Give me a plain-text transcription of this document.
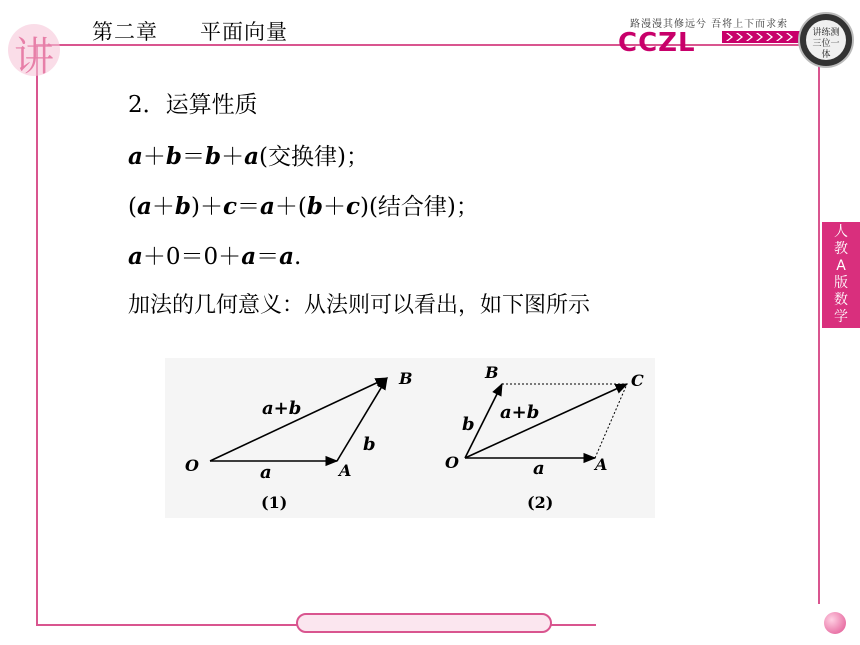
讲
第二章 平面向量	路漫漫其修远兮 吾将上下而求索
CCZL	讲练测三位一体
人
教
A
版
数
学
2．运算性质
a＋b＝b＋a(交换律)；
(a＋b)＋c＝a＋(b＋c)(结合律)；
a＋0＝0＋a＝a.
加法的几何意义：从法则可以看出，如下图所示
O	A
B
a
b
a+b
(1)
O	A
B	C
a
b
a+b
(2)
